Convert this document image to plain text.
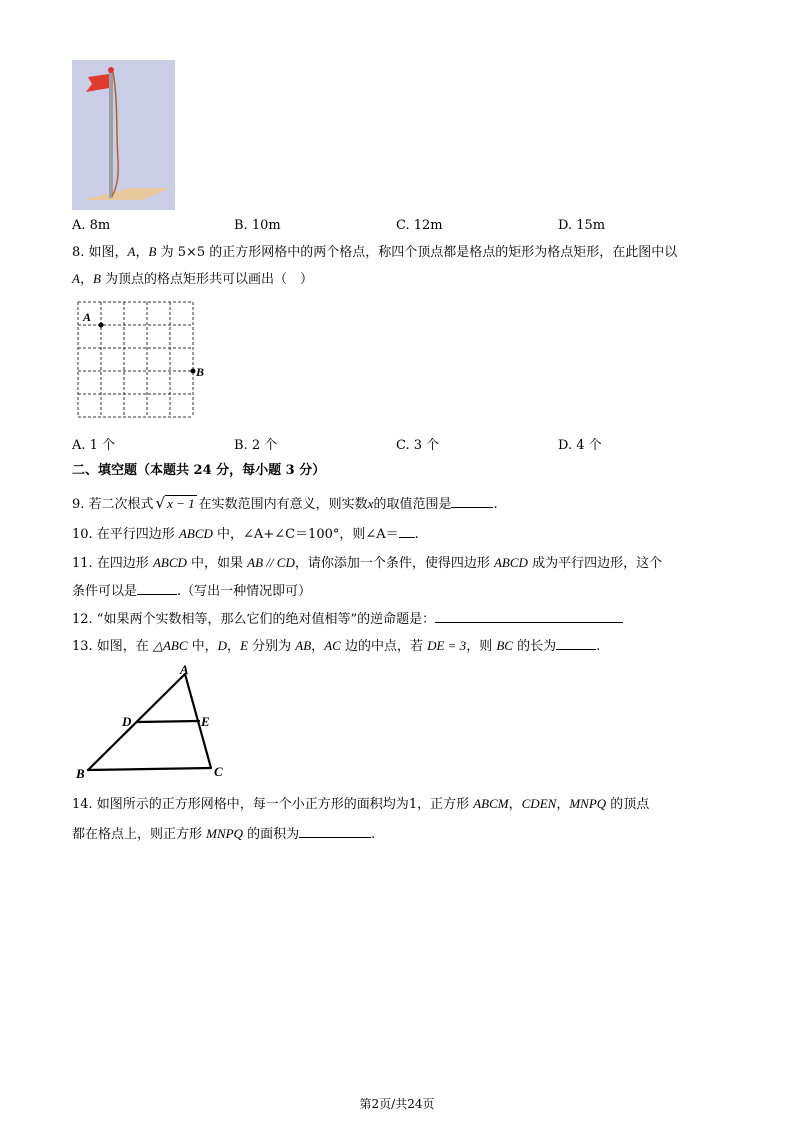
A. 8m	B. 10m	C. 12m	D. 15m
8. 如图，A，B 为 5×5 的正方形网格中的两个格点，称四个顶点都是格点的矩形为格点矩形，在此图中以
A，B 为顶点的格点矩形共可以画出（　）
A
B
A. 1 个	B. 2 个	C. 3 个	D. 4 个
二、填空题（本题共 24 分，每小题 3 分）
9. 若二次根式 √ x − 1 在实数范围内有意义，则实数x的取值范围是	.
10. 在平行四边形 ABCD 中，∠A+∠C＝100°，则∠A＝ .
11. 在四边形 ABCD 中，如果 AB // CD，请你添加一个条件，使得四边形 ABCD 成为平行四边形，这个
条件可以是	.（写出一种情况即可）
12. “如果两个实数相等，那么它们的绝对值相等”的逆命题是：
13. 如图，在 △ABC 中，D，E 分别为 AB，AC 边的中点，若 DE = 3，则 BC 的长为	.
A
B	C
D	E
14. 如图所示的正方形网格中，每一个小正方形的面积均为1，正方形 ABCM，CDEN，MNPQ 的顶点
都在格点上，则正方形 MNPQ 的面积为	.
第2页/共24页
